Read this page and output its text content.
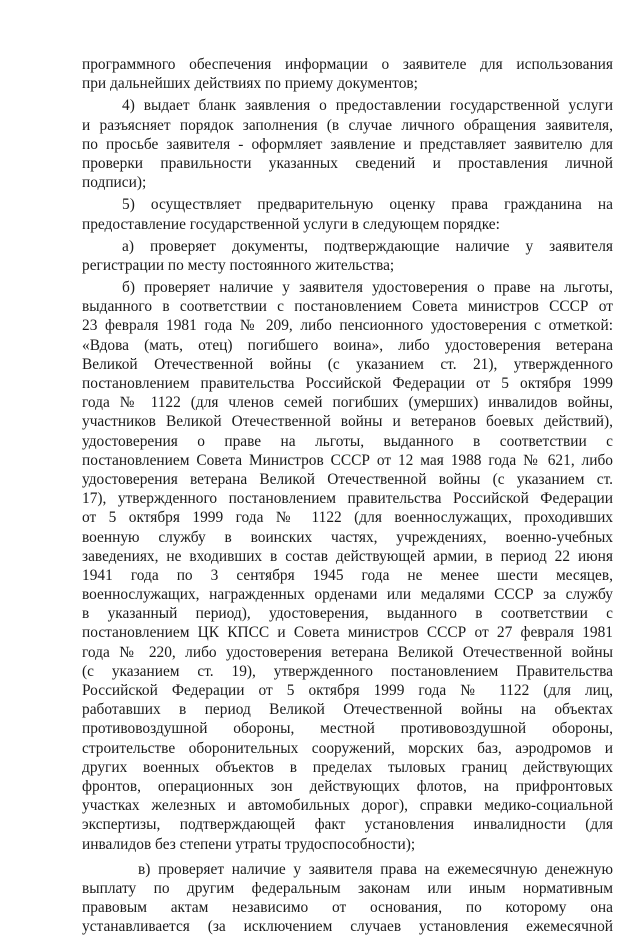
программного обеспечения информации о заявителе для использования
при дальнейших действиях по приему документов;
4) выдает бланк заявления о предоставлении государственной услуги
и разъясняет порядок заполнения (в случае личного обращения заявителя,
по просьбе заявителя - оформляет заявление и представляет заявителю для
проверки правильности указанных сведений и проставления личной
подписи);
5) осуществляет предварительную оценку права гражданина на
предоставление государственной услуги в следующем порядке:
а) проверяет документы, подтверждающие наличие у заявителя
регистрации по месту постоянного жительства;
б) проверяет наличие у заявителя удостоверения о праве на льготы,
выданного в соответствии с постановлением Совета министров СССР от
23 февраля 1981 года № 209, либо пенсионного удостоверения с отметкой:
«Вдова (мать, отец) погибшего воина», либо удостоверения ветерана
Великой Отечественной войны (с указанием ст. 21), утвержденного
постановлением правительства Российской Федерации от 5 октября 1999
года № 1122 (для членов семей погибших (умерших) инвалидов войны,
участников Великой Отечественной войны и ветеранов боевых действий),
удостоверения о праве на льготы, выданного в соответствии с
постановлением Совета Министров СССР от 12 мая 1988 года № 621, либо
удостоверения ветерана Великой Отечественной войны (с указанием ст.
17), утвержденного постановлением правительства Российской Федерации
от 5 октября 1999 года № 1122 (для военнослужащих, проходивших
военную службу в воинских частях, учреждениях, военно-учебных
заведениях, не входивших в состав действующей армии, в период 22 июня
1941 года по 3 сентября 1945 года не менее шести месяцев,
военнослужащих, награжденных орденами или медалями СССР за службу
в указанный период), удостоверения, выданного в соответствии с
постановлением ЦК КПСС и Совета министров СССР от 27 февраля 1981
года № 220, либо удостоверения ветерана Великой Отечественной войны
(с указанием ст. 19), утвержденного постановлением Правительства
Российской Федерации от 5 октября 1999 года № 1122 (для лиц,
работавших в период Великой Отечественной войны на объектах
противовоздушной обороны, местной противовоздушной обороны,
строительстве оборонительных сооружений, морских баз, аэродромов и
других военных объектов в пределах тыловых границ действующих
фронтов, операционных зон действующих флотов, на прифронтовых
участках железных и автомобильных дорог), справки медико-социальной
экспертизы, подтверждающей факт установления инвалидности (для
инвалидов без степени утраты трудоспособности);
в) проверяет наличие у заявителя права на ежемесячную денежную
выплату по другим федеральным законам или иным нормативным
правовым актам независимо от основания, по которому она
устанавливается (за исключением случаев установления ежемесячной
